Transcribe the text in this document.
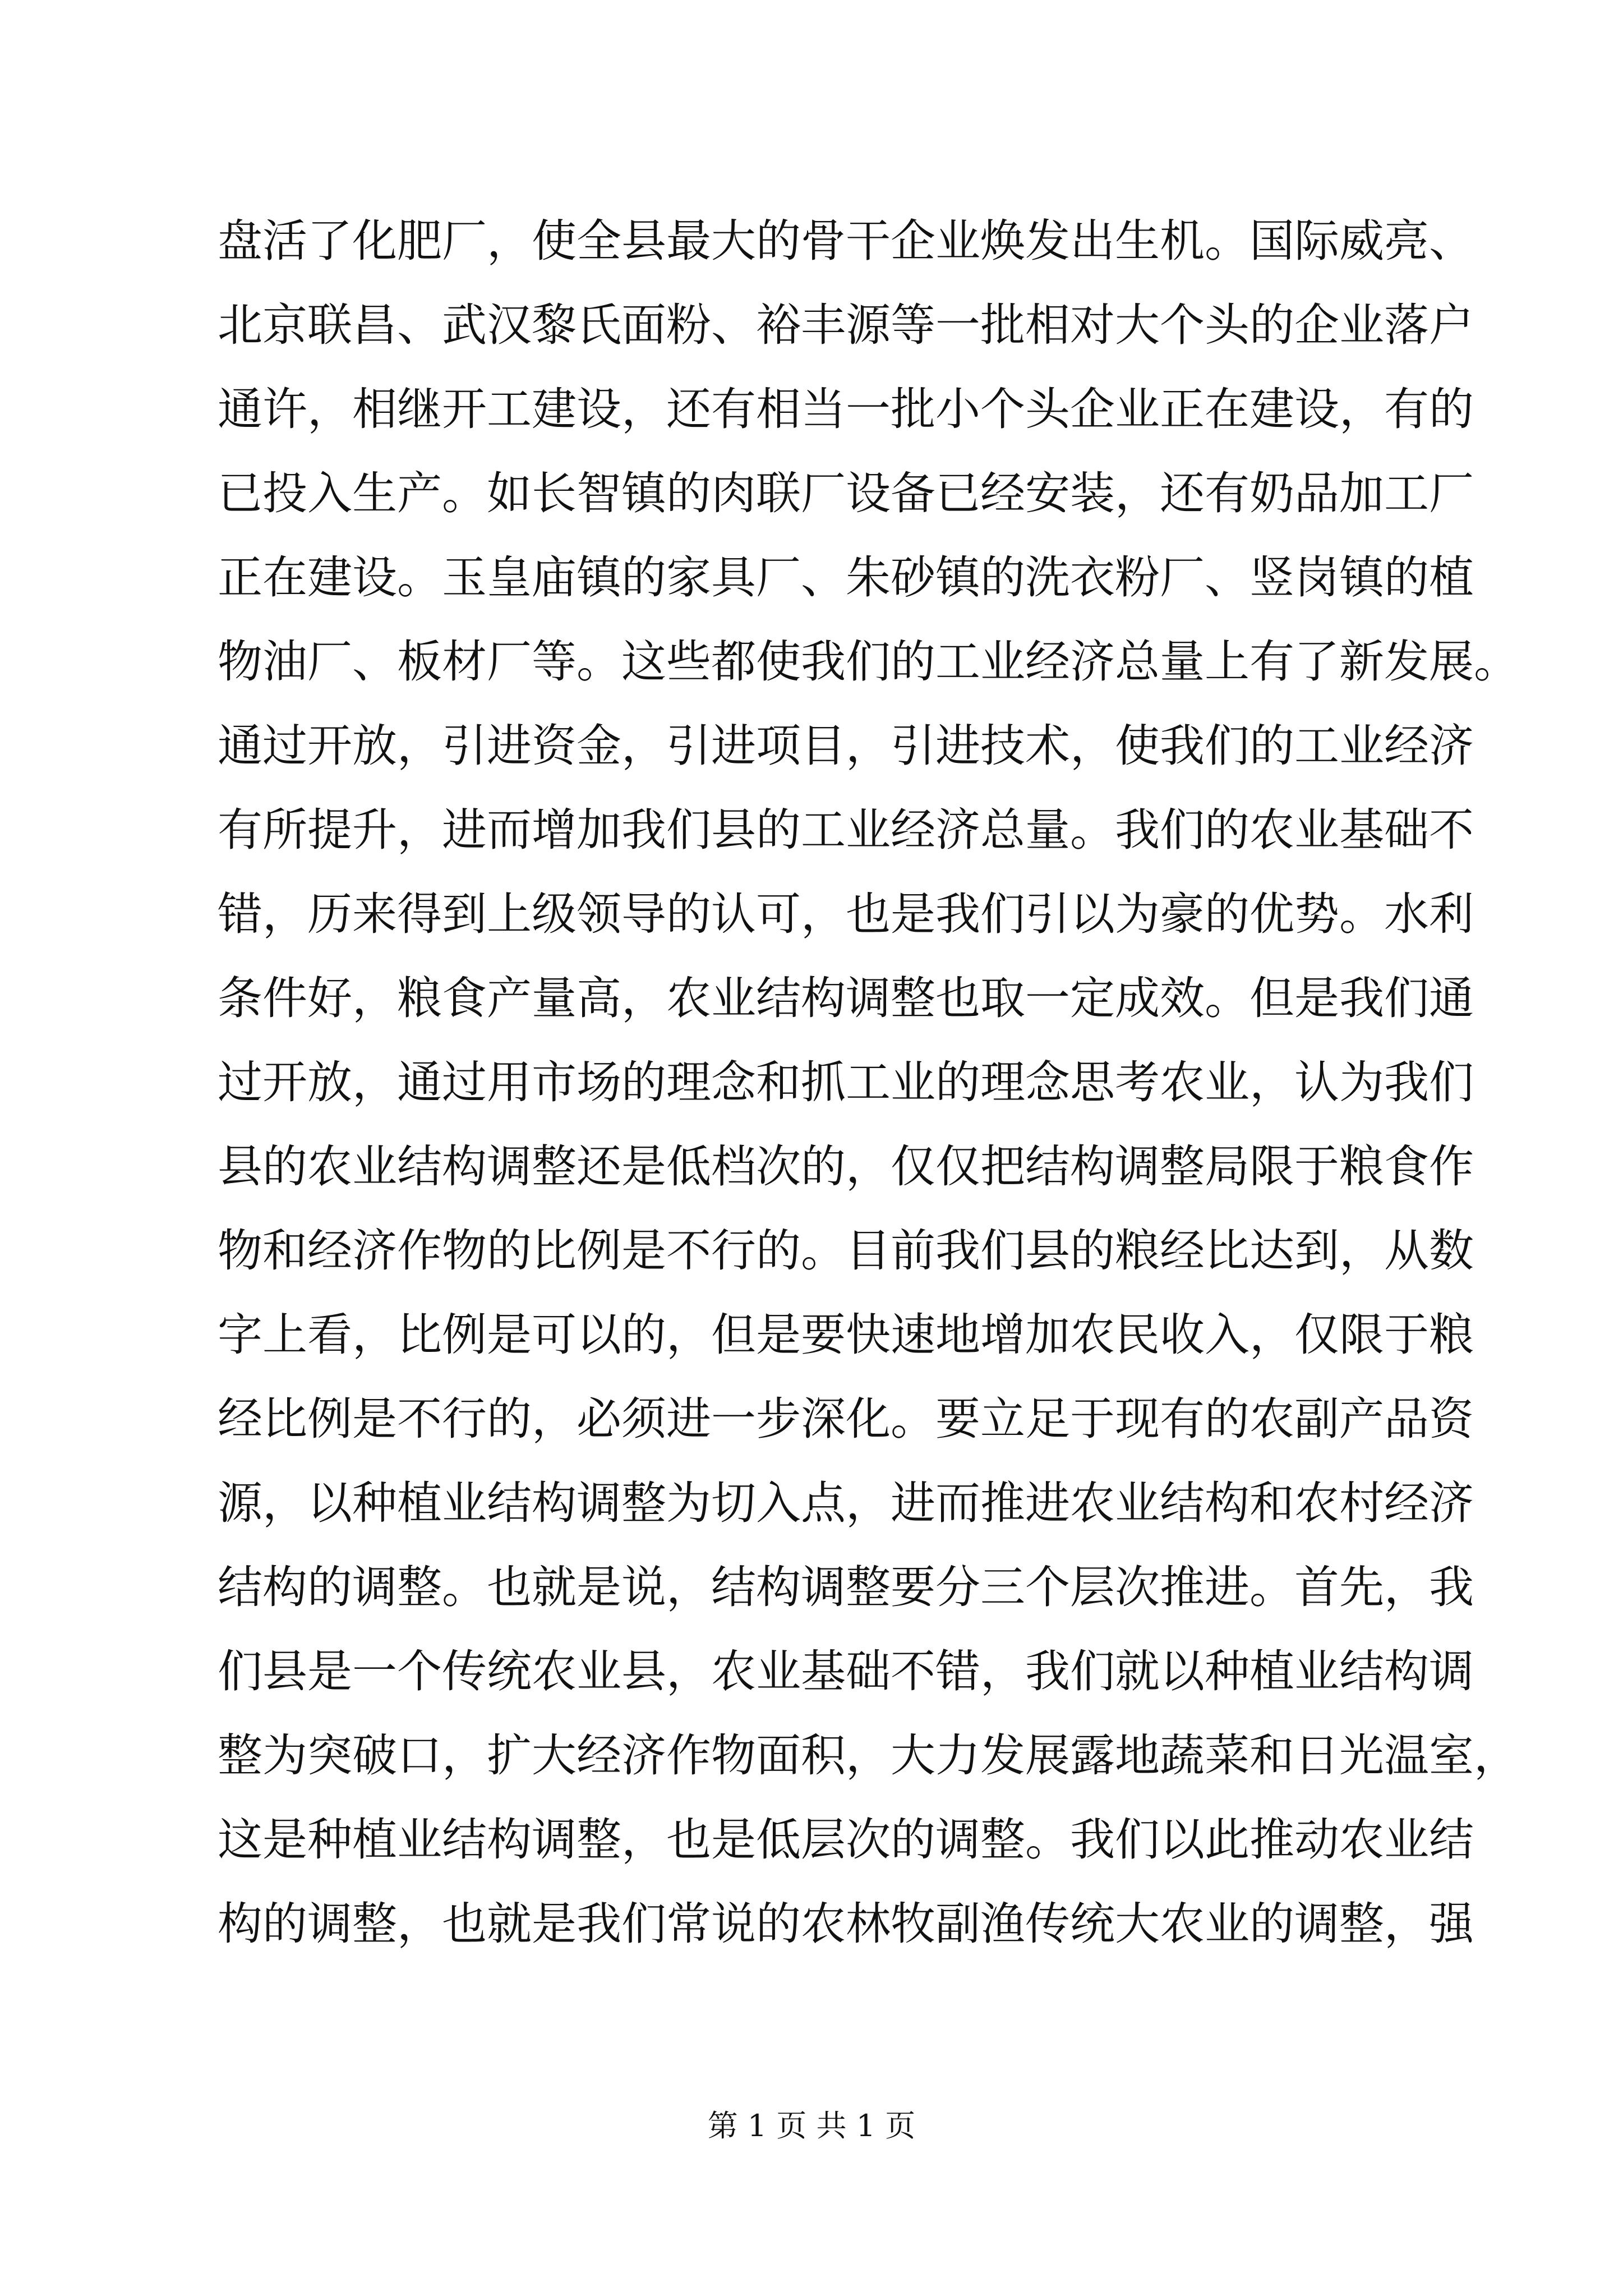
盘活了化肥厂，使全县最大的骨干企业焕发出生机。国际威亮、
北京联昌、武汉黎氏面粉、裕丰源等一批相对大个头的企业落户
通许，相继开工建设，还有相当一批小个头企业正在建设，有的
已投入生产。如长智镇的肉联厂设备已经安装，还有奶品加工厂
正在建设。玉皇庙镇的家具厂、朱砂镇的洗衣粉厂、竖岗镇的植
物油厂、板材厂等。这些都使我们的工业经济总量上有了新发展。
通过开放，引进资金，引进项目，引进技术，使我们的工业经济
有所提升，进而增加我们县的工业经济总量。我们的农业基础不
错，历来得到上级领导的认可，也是我们引以为豪的优势。水利
条件好，粮食产量高，农业结构调整也取一定成效。但是我们通
过开放，通过用市场的理念和抓工业的理念思考农业，认为我们
县的农业结构调整还是低档次的，仅仅把结构调整局限于粮食作
物和经济作物的比例是不行的。目前我们县的粮经比达到，从数
字上看，比例是可以的，但是要快速地增加农民收入，仅限于粮
经比例是不行的，必须进一步深化。要立足于现有的农副产品资
源，以种植业结构调整为切入点，进而推进农业结构和农村经济
结构的调整。也就是说，结构调整要分三个层次推进。首先，我
们县是一个传统农业县，农业基础不错，我们就以种植业结构调
整为突破口，扩大经济作物面积，大力发展露地蔬菜和日光温室，
这是种植业结构调整，也是低层次的调整。我们以此推动农业结
构的调整，也就是我们常说的农林牧副渔传统大农业的调整，强
第 1 页 共 1 页
